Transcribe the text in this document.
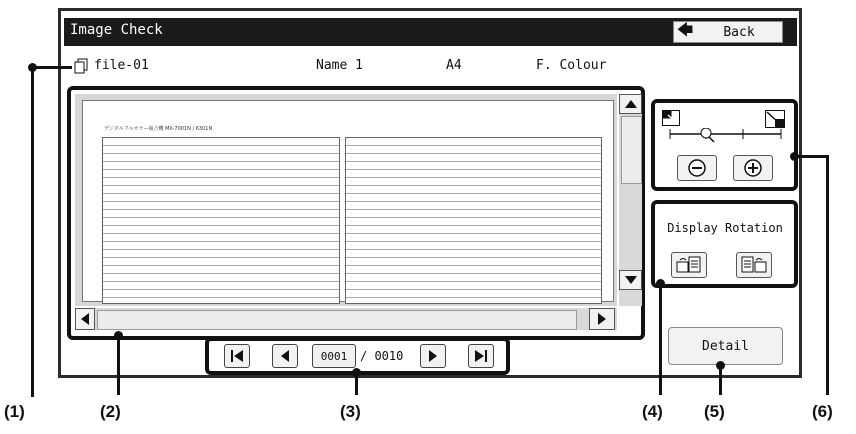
Image Check	🡄	Back
file-01	Name 1	A4	F. Colour
デジタルフルカラー複合機 MX-7001N / 6301N
0001	/ 0010
Display Rotation
Detail
(1)	(2)	(3)	(4) (5)	(6)
